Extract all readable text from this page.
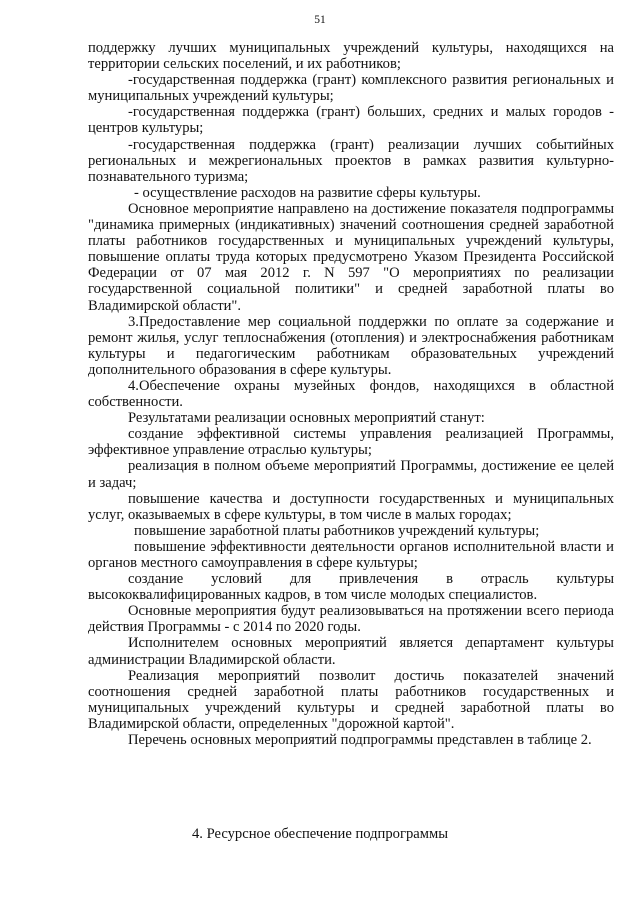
51

поддержку лучших муниципальных учреждений культуры, находящихся на территории сельских поселений, и их работников;

-государственная поддержка (грант) комплексного развития региональных и муниципальных учреждений культуры;

-государственная поддержка (грант) больших, средних и малых городов - центров культуры;

-государственная поддержка (грант) реализации лучших событийных региональных и межрегиональных проектов в рамках развития культурно-познавательного туризма;

- осуществление расходов на развитие сферы культуры.

Основное мероприятие направлено на достижение показателя подпрограммы "динамика примерных (индикативных) значений соотношения средней заработной платы работников государственных и муниципальных учреждений культуры, повышение оплаты труда которых предусмотрено Указом Президента Российской Федерации от 07 мая 2012 г. N 597 "О мероприятиях по реализации государственной социальной политики" и средней заработной платы во Владимирской области".

3.Предоставление мер социальной поддержки по оплате за содержание и ремонт жилья, услуг теплоснабжения (отопления) и электроснабжения работникам культуры и педагогическим работникам образовательных учреждений дополнительного образования в сфере культуры.

4.Обеспечение охраны музейных фондов, находящихся в областной собственности.

Результатами реализации основных мероприятий станут:

создание эффективной системы управления реализацией Программы, эффективное управление отраслью культуры;

реализация в полном объеме мероприятий Программы, достижение ее целей и задач;

повышение качества и доступности государственных и муниципальных услуг, оказываемых в сфере культуры, в том числе в малых городах;

повышение заработной платы работников учреждений культуры;

повышение эффективности деятельности органов исполнительной власти и органов местного самоуправления в сфере культуры;

создание условий для привлечения в отрасль культуры высококвалифицированных кадров, в том числе молодых специалистов.

Основные мероприятия будут реализовываться на протяжении всего периода действия Программы - с 2014 по 2020 годы.

Исполнителем основных мероприятий является департамент культуры администрации Владимирской области.

Реализация мероприятий позволит достичь показателей значений соотношения средней заработной платы работников государственных и муниципальных учреждений культуры и средней заработной платы во Владимирской области, определенных "дорожной картой".

Перечень основных мероприятий подпрограммы представлен в таблице 2.

4. Ресурсное обеспечение подпрограммы
